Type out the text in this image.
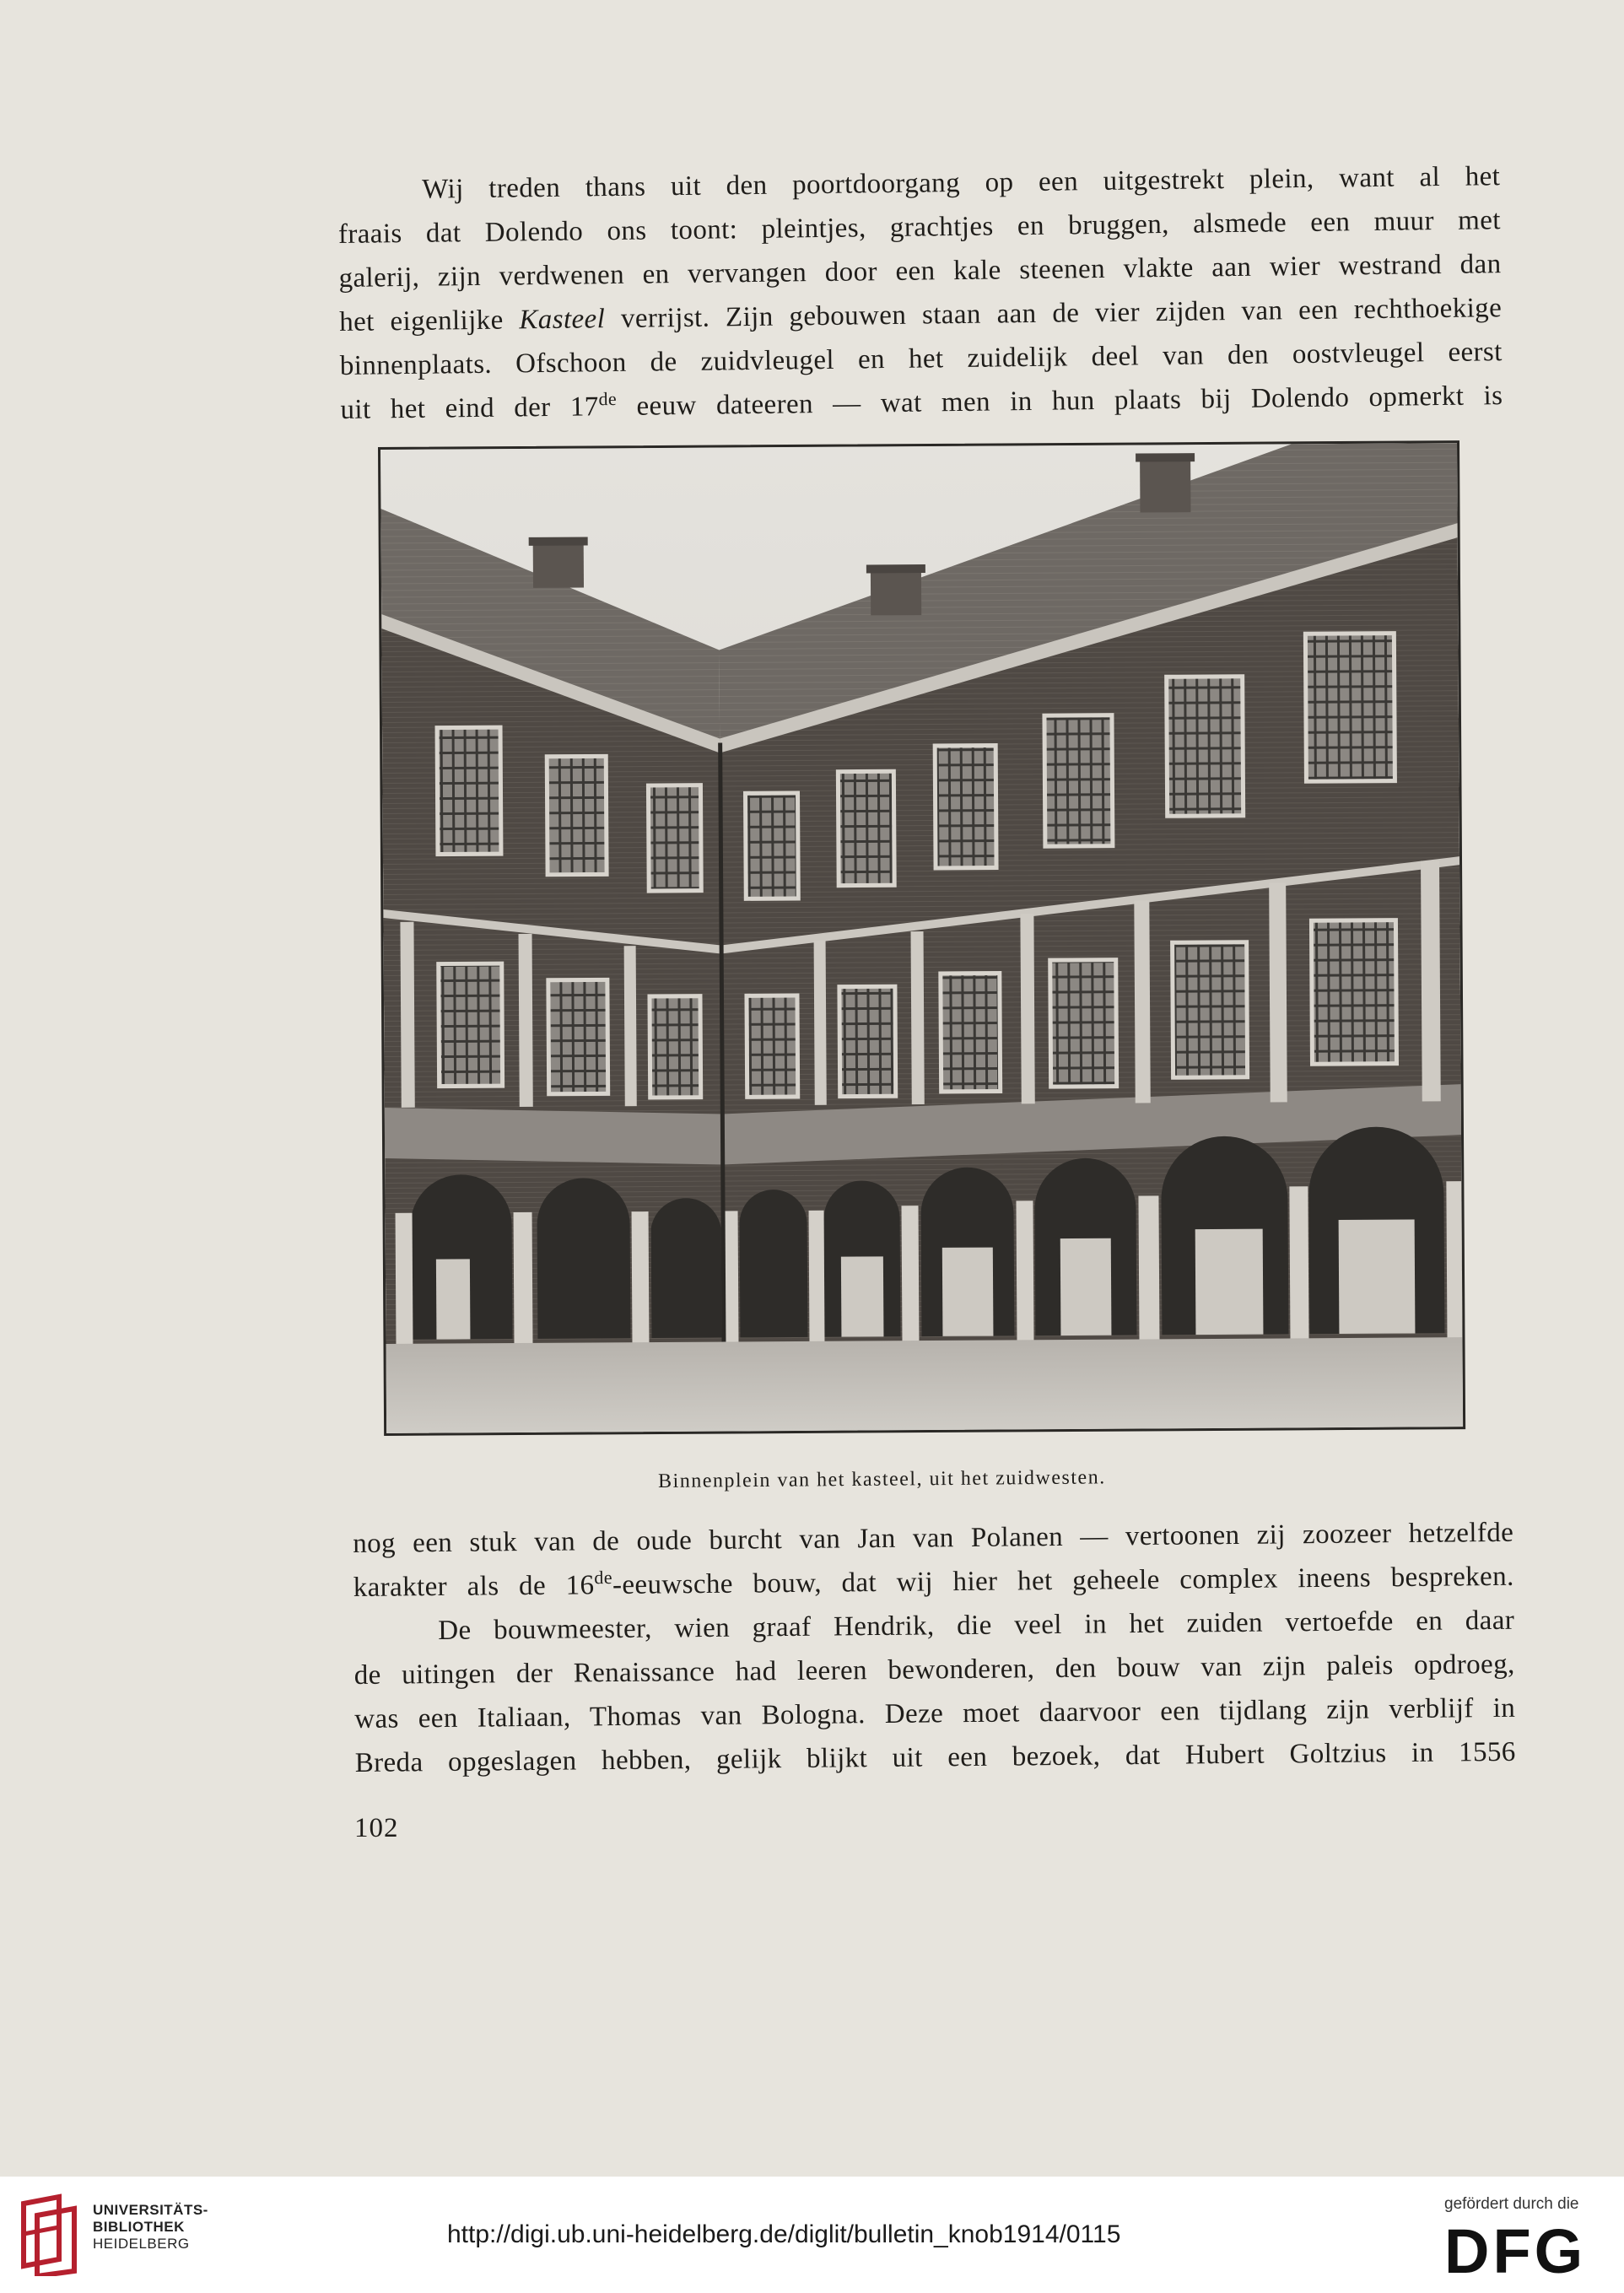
Wij treden thans uit den poortdoorgang op een uitgestrekt plein, want al het
fraais dat Dolendo ons toont: pleintjes, grachtjes en bruggen, alsmede een muur met
galerij, zijn verdwenen en vervangen door een kale steenen vlakte aan wier westrand dan
het eigenlijke Kasteel verrijst. Zijn gebouwen staan aan de vier zijden van een rechthoekige
binnenplaats. Ofschoon de zuidvleugel en het zuidelijk deel van den oostvleugel eerst
uit het eind der 17de eeuw dateeren — wat men in hun plaats bij Dolendo opmerkt is
Binnenplein van het kasteel, uit het zuidwesten.
nog een stuk van de oude burcht van Jan van Polanen — vertoonen zij zoozeer hetzelfde
karakter als de 16de-eeuwsche bouw, dat wij hier het geheele complex ineens bespreken.
De bouwmeester, wien graaf Hendrik, die veel in het zuiden vertoefde en daar
de uitingen der Renaissance had leeren bewonderen, den bouw van zijn paleis opdroeg,
was een Italiaan, Thomas van Bologna. Deze moet daarvoor een tijdlang zijn verblijf in
Breda opgeslagen hebben, gelijk blijkt uit een bezoek, dat Hubert Goltzius in 1556
102
UNIVERSITÄTS-
BIBLIOTHEK
HEIDELBERG	http://digi.ub.uni-heidelberg.de/diglit/bulletin_knob1914/0115
gefördert durch die
DFG
